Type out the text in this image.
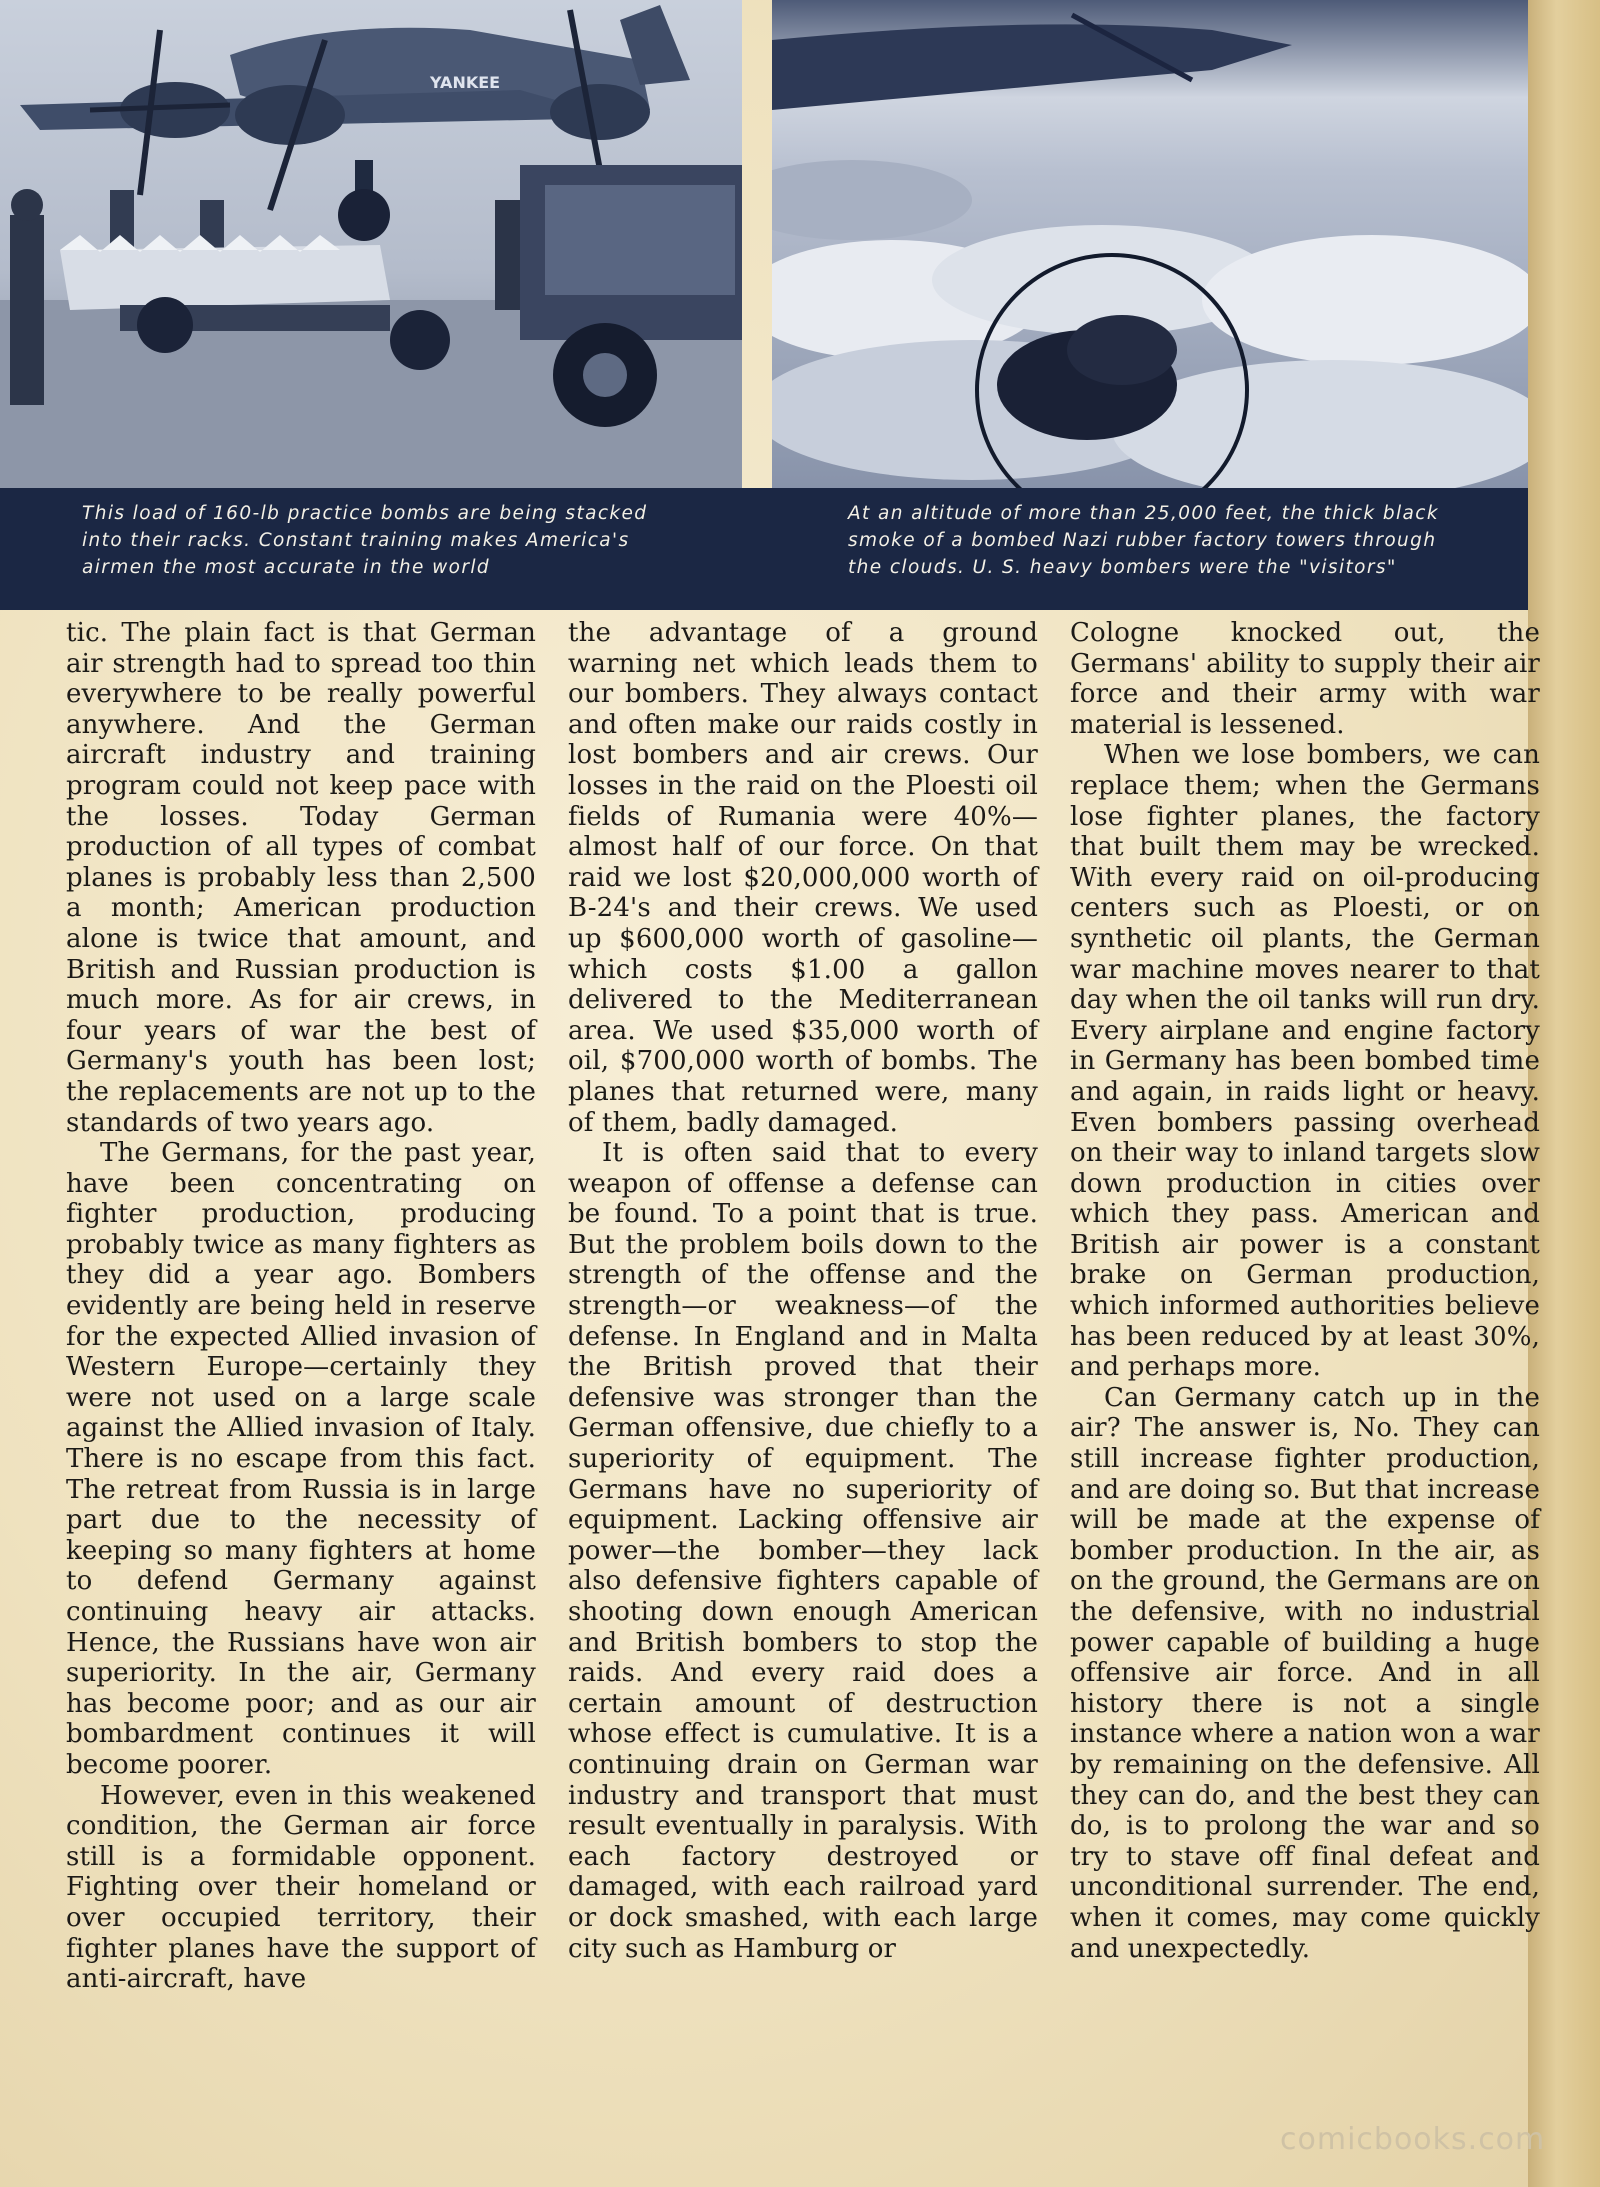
YANKEE
This load of 160-lb practice bombs are being stacked into their racks. Constant training makes America's airmen the most accurate in the world
At an altitude of more than 25,000 feet, the thick black smoke of a bombed Nazi rubber factory towers through the clouds. U. S. heavy bombers were the "visitors"

tic. The plain fact is that German air strength had to spread too thin everywhere to be really powerful anywhere. And the German aircraft industry and training program could not keep pace with the losses. Today German production of all types of combat planes is probably less than 2,500 a month; American production alone is twice that amount, and British and Russian production is much more. As for air crews, in four years of war the best of Germany's youth has been lost; the replacements are not up to the standards of two years ago.

The Germans, for the past year, have been concentrating on fighter production, producing probably twice as many fighters as they did a year ago. Bombers evidently are being held in reserve for the expected Allied invasion of Western Europe—certainly they were not used on a large scale against the Allied invasion of Italy. There is no escape from this fact. The retreat from Russia is in large part due to the necessity of keeping so many fighters at home to defend Germany against continuing heavy air attacks. Hence, the Russians have won air superiority. In the air, Germany has become poor; and as our air bombardment continues it will become poorer.

However, even in this weakened condition, the German air force still is a formidable opponent. Fighting over their homeland or over occupied territory, their fighter planes have the support of anti-aircraft, have

the advantage of a ground warning net which leads them to our bombers. They always contact and often make our raids costly in lost bombers and air crews. Our losses in the raid on the Ploesti oil fields of Rumania were 40%—almost half of our force. On that raid we lost $20,000,000 worth of B-24's and their crews. We used up $600,000 worth of gasoline—which costs $1.00 a gallon delivered to the Mediterranean area. We used $35,000 worth of oil, $700,000 worth of bombs. The planes that returned were, many of them, badly damaged.

It is often said that to every weapon of offense a defense can be found. To a point that is true. But the problem boils down to the strength of the offense and the strength—or weakness—of the defense. In England and in Malta the British proved that their defensive was stronger than the German offensive, due chiefly to a superiority of equipment. The Germans have no superiority of equipment. Lacking offensive air power—the bomber—they lack also defensive fighters capable of shooting down enough American and British bombers to stop the raids. And every raid does a certain amount of destruction whose effect is cumulative. It is a continuing drain on German war industry and transport that must result eventually in paralysis. With each factory destroyed or damaged, with each railroad yard or dock smashed, with each large city such as Hamburg or

Cologne knocked out, the Germans' ability to supply their air force and their army with war material is lessened.

When we lose bombers, we can replace them; when the Germans lose fighter planes, the factory that built them may be wrecked. With every raid on oil-producing centers such as Ploesti, or on synthetic oil plants, the German war machine moves nearer to that day when the oil tanks will run dry. Every airplane and engine factory in Germany has been bombed time and again, in raids light or heavy. Even bombers passing overhead on their way to inland targets slow down production in cities over which they pass. American and British air power is a constant brake on German production, which informed authorities believe has been reduced by at least 30%, and perhaps more.

Can Germany catch up in the air? The answer is, No. They can still increase fighter production, and are doing so. But that increase will be made at the expense of bomber production. In the air, as on the ground, the Germans are on the defensive, with no industrial power capable of building a huge offensive air force. And in all history there is not a single instance where a nation won a war by remaining on the defensive. All they can do, and the best they can do, is to prolong the war and so try to stave off final defeat and unconditional surrender. The end, when it comes, may come quickly and unexpectedly.

comicbooks.com
